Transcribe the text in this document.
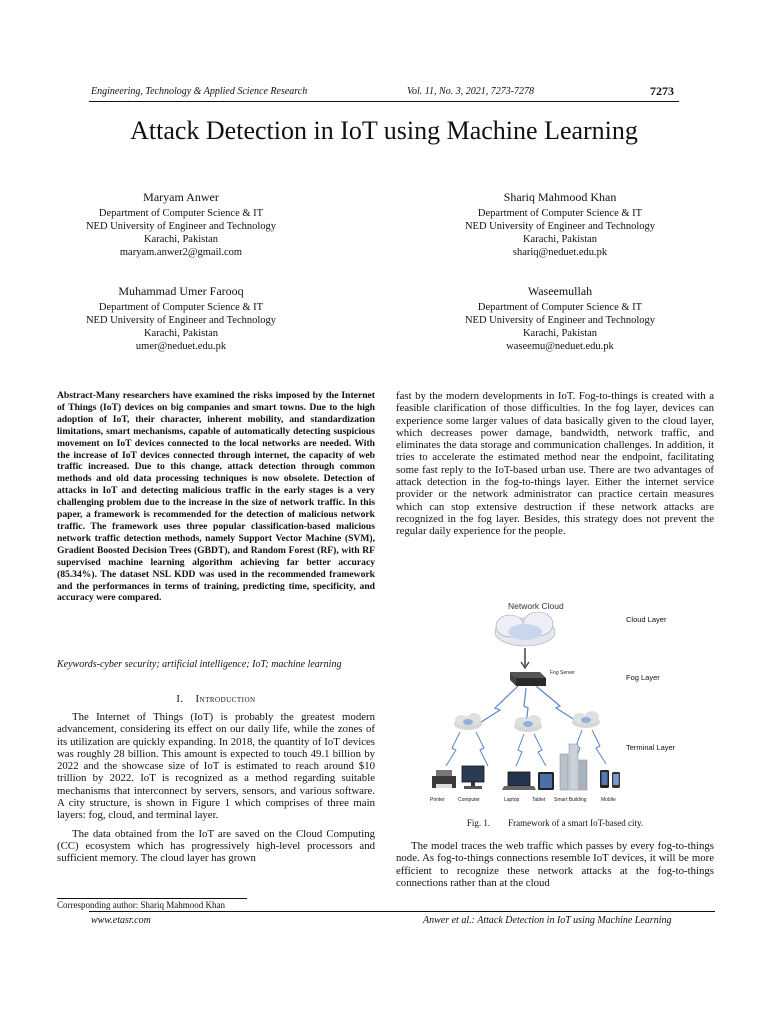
Engineering, Technology & Applied Science Research	Vol. 11, No. 3, 2021, 7273-7278	7273
Attack Detection in IoT using Machine Learning
Maryam Anwer
Department of Computer Science & IT
NED University of Engineer and Technology
Karachi, Pakistan
maryam.anwer2@gmail.com
Shariq Mahmood Khan
Department of Computer Science & IT
NED University of Engineer and Technology
Karachi, Pakistan
shariq@neduet.edu.pk
Muhammad Umer Farooq
Department of Computer Science & IT
NED University of Engineer and Technology
Karachi, Pakistan
umer@neduet.edu.pk
Waseemullah
Department of Computer Science & IT
NED University of Engineer and Technology
Karachi, Pakistan
waseemu@neduet.edu.pk
Abstract-Many researchers have examined the risks imposed by the Internet of Things (IoT) devices on big companies and smart towns. Due to the high adoption of IoT, their character, inherent mobility, and standardization limitations, smart mechanisms, capable of automatically detecting suspicious movement on IoT devices connected to the local networks are needed. With the increase of IoT devices connected through internet, the capacity of web traffic increased. Due to this change, attack detection through common methods and old data processing techniques is now obsolete. Detection of attacks in IoT and detecting malicious traffic in the early stages is a very challenging problem due to the increase in the size of network traffic. In this paper, a framework is recommended for the detection of malicious network traffic. The framework uses three popular classification-based malicious network traffic detection methods, namely Support Vector Machine (SVM), Gradient Boosted Decision Trees (GBDT), and Random Forest (RF), with RF supervised machine learning algorithm achieving far better accuracy (85.34%). The dataset NSL KDD was used in the recommended framework and the performances in terms of training, predicting time, specificity, and accuracy were compared.
Keywords-cyber security; artificial intelligence; IoT; machine learning
I. Introduction

The Internet of Things (IoT) is probably the greatest modern advancement, considering its effect on our daily life, while the zones of its utilization are quickly expanding. In 2018, the quantity of IoT devices was roughly 28 billion. This amount is expected to touch 49.1 billion by 2022 and the showcase size of IoT is estimated to reach around $10 trillion by 2022. IoT is recognized as a method regarding suitable mechanisms that interconnect by servers, sensors, and various software. A city structure, is shown in Figure 1 which comprises of three main layers: fog, cloud, and terminal layer.

The data obtained from the IoT are saved on the Cloud Computing (CC) ecosystem which has progressively high-level processors and sufficient memory. The cloud layer has grown

fast by the modern developments in IoT. Fog-to-things is created with a feasible clarification of those difficulties. In the fog layer, devices can experience some larger values of data basically given to the cloud layer, which decreases power damage, bandwidth, network traffic, and eliminates the data storage and communication challenges. In addition, it tries to accelerate the estimated method near the endpoint, facilitating some fast reply to the IoT-based urban use. There are two advantages of attack detection in the fog-to-things layer. Either the internet service provider or the network administrator can practice certain measures which can stop extensive destruction if these network attacks are recognized in the fog layer. Besides, this strategy does not prevent the regular daily experience for the people.

Network Cloud
Cloud Layer
Fog Server	Fog Layer
Terminal Layer
Printer	Computer	Laptop	Tablet Smart Building	Mobile
Fig. 1. Framework of a smart IoT-based city.

The model traces the web traffic which passes by every fog-to-things node. As fog-to-things connections resemble IoT devices, it will be more efficient to recognize these network attacks at the fog-to-things connections rather than at the cloud

Corresponding author: Shariq Mahmood Khan
www.etasr.com	Anwer et al.: Attack Detection in IoT using Machine Learning
